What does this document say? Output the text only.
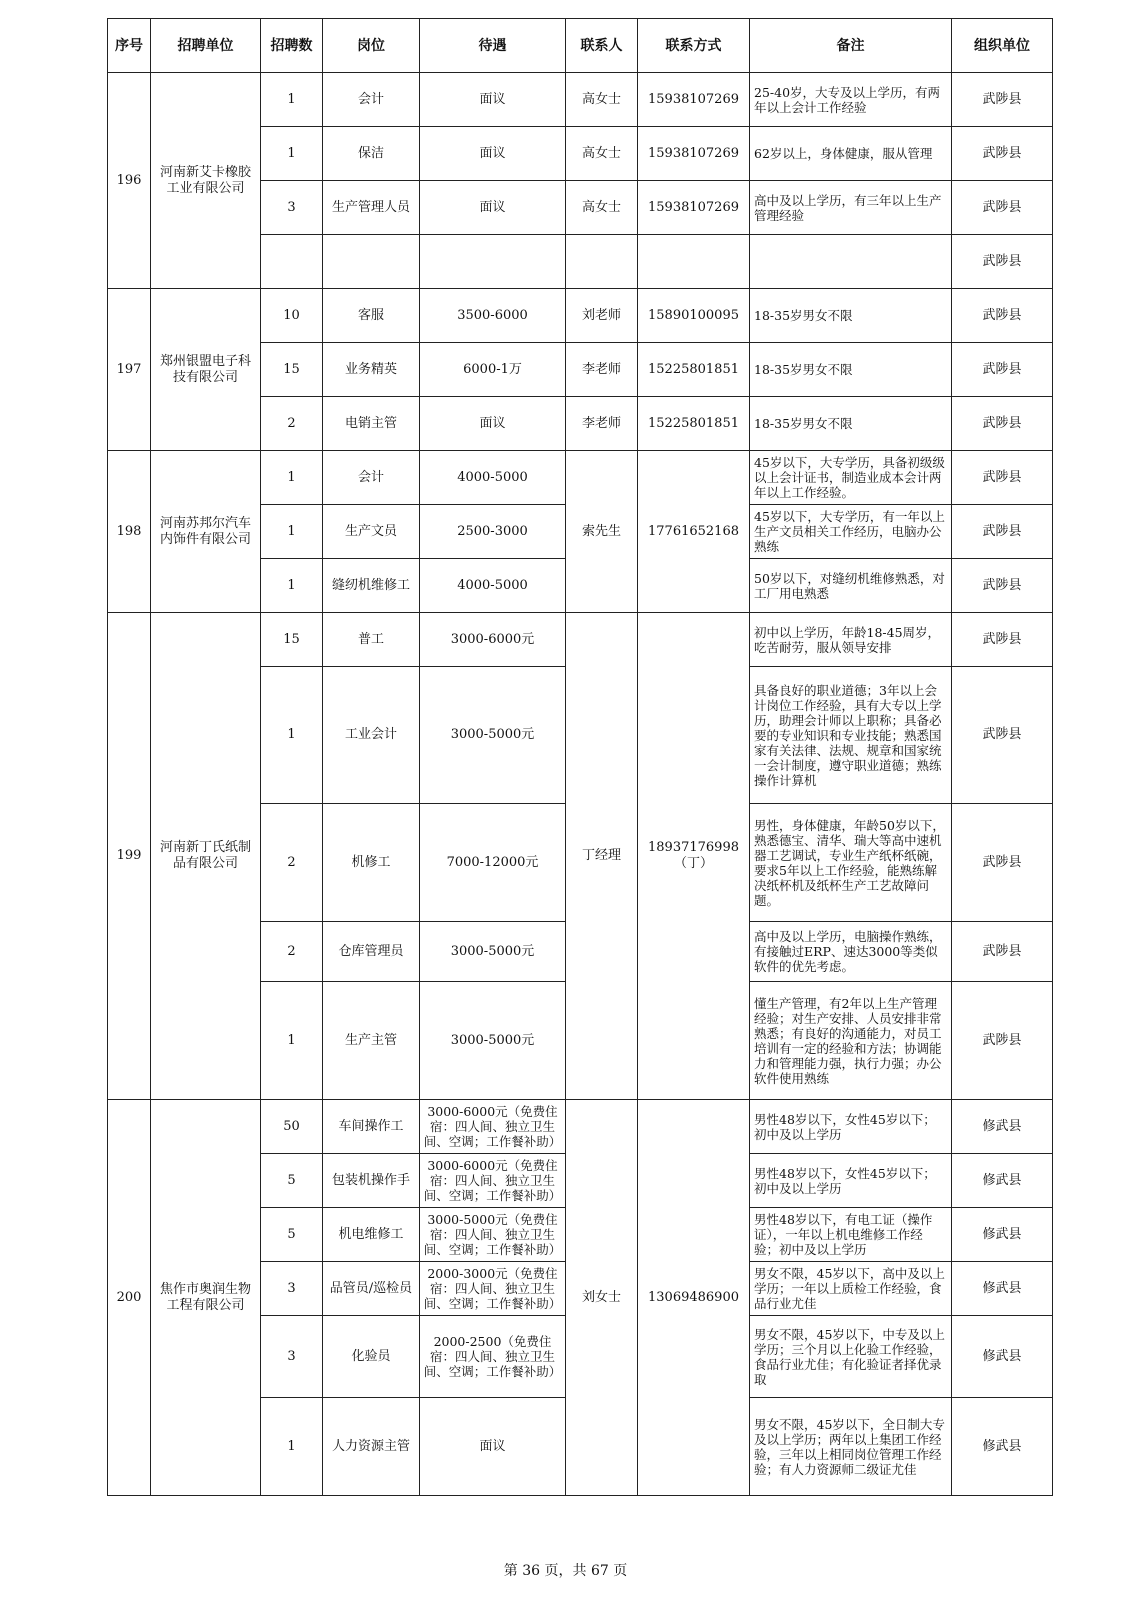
序号	招聘单位	招聘数	岗位	待遇	联系人	联系方式	备注	组织单位
196	河南新艾卡橡胶工业有限公司	1	会计	面议	高女士	15938107269	25-40岁，大专及以上学历，有两年以上会计工作经验	武陟县
		1	保洁	面议	高女士	15938107269	62岁以上，身体健康，服从管理	武陟县
		3	生产管理人员	面议	高女士	15938107269	高中及以上学历，有三年以上生产管理经验	武陟县
								武陟县
197	郑州银盟电子科技有限公司	10	客服	3500-6000	刘老师	15890100095	18-35岁男女不限	武陟县
		15	业务精英	6000-1万	李老师	15225801851	18-35岁男女不限	武陟县
		2	电销主管	面议	李老师	15225801851	18-35岁男女不限	武陟县
198	河南苏邦尔汽车内饰件有限公司	1	会计	4000-5000	索先生	17761652168	45岁以下，大专学历，具备初级级以上会计证书，制造业成本会计两年以上工作经验。	武陟县
		1	生产文员	2500-3000			45岁以下，大专学历，有一年以上生产文员相关工作经历，电脑办公熟练	武陟县
		1	缝纫机维修工	4000-5000			50岁以下，对缝纫机维修熟悉，对工厂用电熟悉	武陟县
199	河南新丁氏纸制品有限公司	15	普工	3000-6000元	丁经理	18937176998（丁）	初中以上学历，年龄18-45周岁，吃苦耐劳，服从领导安排	武陟县
		1	工业会计	3000-5000元			具备良好的职业道德；3年以上会计岗位工作经验，具有大专以上学历，助理会计师以上职称；具备必要的专业知识和专业技能；熟悉国家有关法律、法规、规章和国家统一会计制度，遵守职业道德；熟练操作计算机	武陟县
		2	机修工	7000-12000元			男性，身体健康，年龄50岁以下，熟悉德宝、清华、瑞大等高中速机器工艺调试，专业生产纸杯纸碗，要求5年以上工作经验，能熟练解决纸杯机及纸杯生产工艺故障问题。	武陟县
		2	仓库管理员	3000-5000元			高中及以上学历，电脑操作熟练，有接触过ERP、速达3000等类似软件的优先考虑。	武陟县
		1	生产主管	3000-5000元			懂生产管理，有2年以上生产管理经验；对生产安排、人员安排非常熟悉；有良好的沟通能力，对员工培训有一定的经验和方法；协调能力和管理能力强，执行力强；办公软件使用熟练	武陟县
200	焦作市奥润生物工程有限公司	50	车间操作工	3000-6000元（免费住宿：四人间、独立卫生间、空调；工作餐补助）	刘女士	13069486900	男性48岁以下，女性45岁以下；初中及以上学历	修武县
		5	包装机操作手	3000-6000元（免费住宿：四人间、独立卫生间、空调；工作餐补助）			男性48岁以下，女性45岁以下；初中及以上学历	修武县
		5	机电维修工	3000-5000元（免费住宿：四人间、独立卫生间、空调；工作餐补助）			男性48岁以下，有电工证（操作证），一年以上机电维修工作经验；初中及以上学历	修武县
		3	品管员/巡检员	2000-3000元（免费住宿：四人间、独立卫生间、空调；工作餐补助）			男女不限，45岁以下，高中及以上学历；一年以上质检工作经验，食品行业尤佳	修武县
		3	化验员	2000-2500（免费住宿：四人间、独立卫生间、空调；工作餐补助）			男女不限，45岁以下，中专及以上学历；三个月以上化验工作经验，食品行业尤佳；有化验证者择优录取	修武县
		1	人力资源主管	面议			男女不限，45岁以下，全日制大专及以上学历；两年以上集团工作经验，三年以上相同岗位管理工作经验；有人力资源师二级证尤佳	修武县
第 36 页，共 67 页
